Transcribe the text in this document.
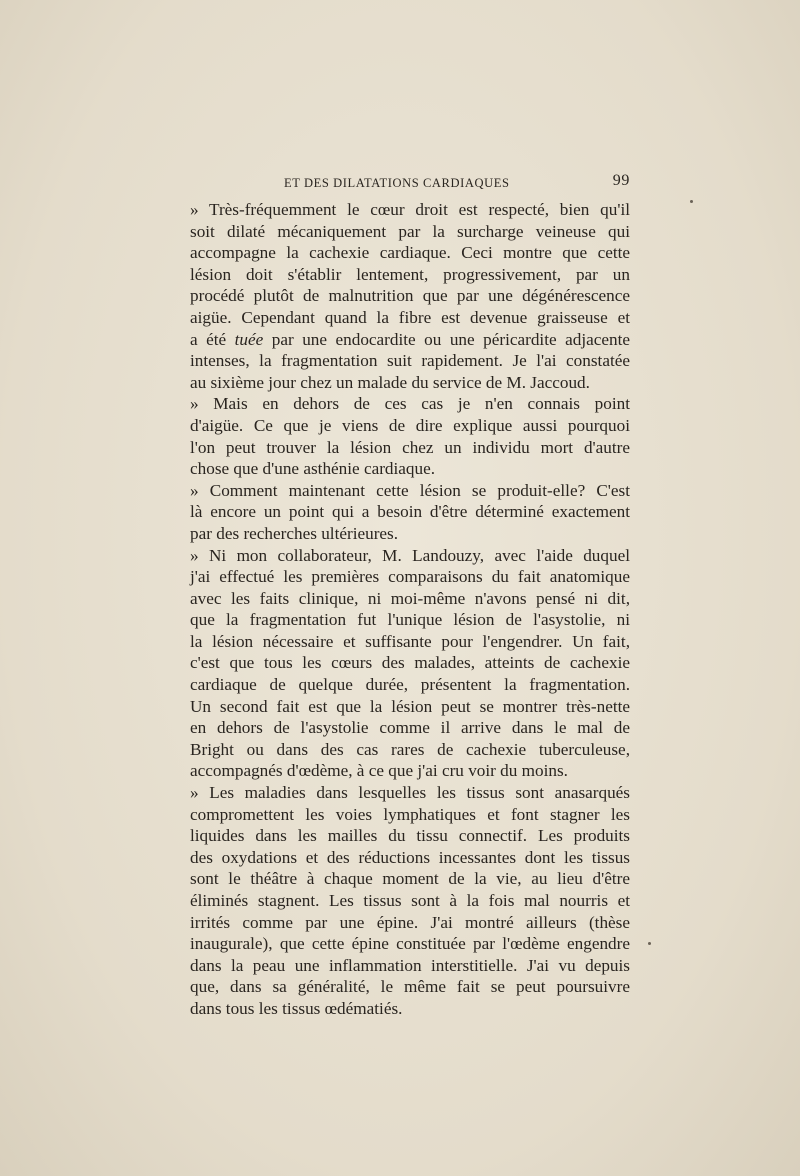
ET DES DILATATIONS CARDIAQUES	99

» Très-fréquemment le cœur droit est respecté, bien qu'il
soit dilaté mécaniquement par la surcharge veineuse qui
accompagne la cachexie cardiaque. Ceci montre que cette
lésion doit s'établir lentement, progressivement, par un
procédé plutôt de malnutrition que par une dégénérescence
aigüe. Cependant quand la fibre est devenue graisseuse et
a été tuée par une endocardite ou une péricardite adjacente
intenses, la fragmentation suit rapidement. Je l'ai constatée
au sixième jour chez un malade du service de M. Jaccoud.

» Mais en dehors de ces cas je n'en connais point
d'aigüe. Ce que je viens de dire explique aussi pourquoi
l'on peut trouver la lésion chez un individu mort d'autre
chose que d'une asthénie cardiaque.

» Comment maintenant cette lésion se produit-elle? C'est
là encore un point qui a besoin d'être déterminé exactement
par des recherches ultérieures.

» Ni mon collaborateur, M. Landouzy, avec l'aide duquel
j'ai effectué les premières comparaisons du fait anatomique
avec les faits clinique, ni moi-même n'avons pensé ni dit,
que la fragmentation fut l'unique lésion de l'asystolie, ni
la lésion nécessaire et suffisante pour l'engendrer. Un fait,
c'est que tous les cœurs des malades, atteints de cachexie
cardiaque de quelque durée, présentent la fragmentation.
Un second fait est que la lésion peut se montrer très-nette
en dehors de l'asystolie comme il arrive dans le mal de
Bright ou dans des cas rares de cachexie tuberculeuse,
accompagnés d'œdème, à ce que j'ai cru voir du moins.

» Les maladies dans lesquelles les tissus sont anasarqués
compromettent les voies lymphatiques et font stagner les
liquides dans les mailles du tissu connectif. Les produits
des oxydations et des réductions incessantes dont les tissus
sont le théâtre à chaque moment de la vie, au lieu d'être
éliminés stagnent. Les tissus sont à la fois mal nourris et
irrités comme par une épine. J'ai montré ailleurs (thèse
inaugurale), que cette épine constituée par l'œdème engendre
dans la peau une inflammation interstitielle. J'ai vu depuis
que, dans sa généralité, le même fait se peut poursuivre
dans tous les tissus œdématiés.
